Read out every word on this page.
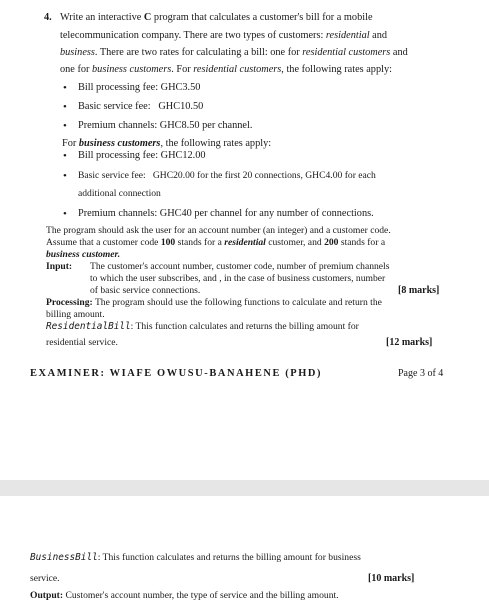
4. Write an interactive C program that calculates a customer's bill for a mobile
telecommunication company. There are two types of customers: residential and
business. There are two rates for calculating a bill: one for residential customers and
one for business customers. For residential customers, the following rates apply:
• Bill processing fee: GHC3.50
• Basic service fee:   GHC10.50
• Premium channels: GHC8.50 per channel.
For business customers, the following rates apply:
• Bill processing fee: GHC12.00
• Basic service fee:   GHC20.00 for the first 20 connections, GHC4.00 for each
additional connection
• Premium channels: GHC40 per channel for any number of connections.
The program should ask the user for an account number (an integer) and a customer code.
Assume that a customer code 100 stands for a residential customer, and 200 stands for a
business customer.
Input: The customer's account number, customer code, number of premium channels
to which the user subscribes, and , in the case of business customers, number
of basic service connections.	[8 marks]
Processing: The program should use the following functions to calculate and return the
billing amount.
ResidentialBill: This function calculates and returns the billing amount for
residential service.	[12 marks]
EXAMINER: WIAFE OWUSU-BANAHENE (PHD)	Page 3 of 4
BusinessBill: This function calculates and returns the billing amount for business
service.	[10 marks]
Output: Customer's account number, the type of service and the billing amount.
